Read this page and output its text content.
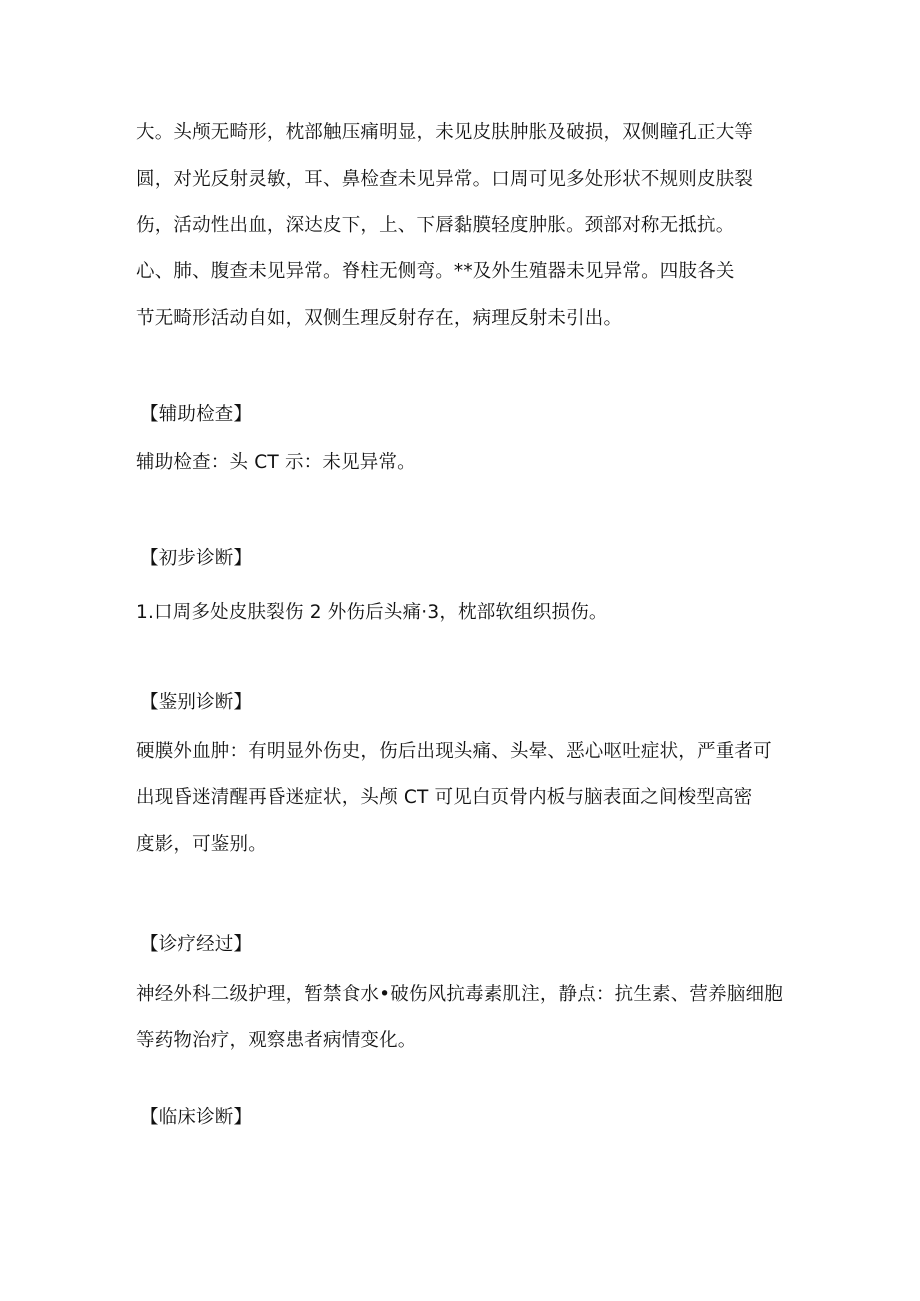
大。头颅无畸形，枕部触压痛明显，未见皮肤肿胀及破损，双侧瞳孔正大等
圆，对光反射灵敏，耳、鼻检查未见异常。口周可见多处形状不规则皮肤裂
伤，活动性出血，深达皮下，上、下唇黏膜轻度肿胀。颈部对称无抵抗。
心、肺、腹查未见异常。脊柱无侧弯。**及外生殖器未见异常。四肢各关
节无畸形活动自如，双侧生理反射存在，病理反射未引出。
【辅助检查】
辅助检查：头 CT 示：未见异常。
【初步诊断】
1.口周多处皮肤裂伤 2 外伤后头痛·3，枕部软组织损伤。
【鉴别诊断】
硬膜外血肿：有明显外伤史，伤后出现头痛、头晕、恶心呕吐症状，严重者可
出现昏迷清醒再昏迷症状，头颅 CT 可见白页骨内板与脑表面之间梭型高密
度影，可鉴别。
【诊疗经过】
神经外科二级护理，暂禁食水•破伤风抗毒素肌注，静点：抗生素、营养脑细胞
等药物治疗，观察患者病情变化。
【临床诊断】
